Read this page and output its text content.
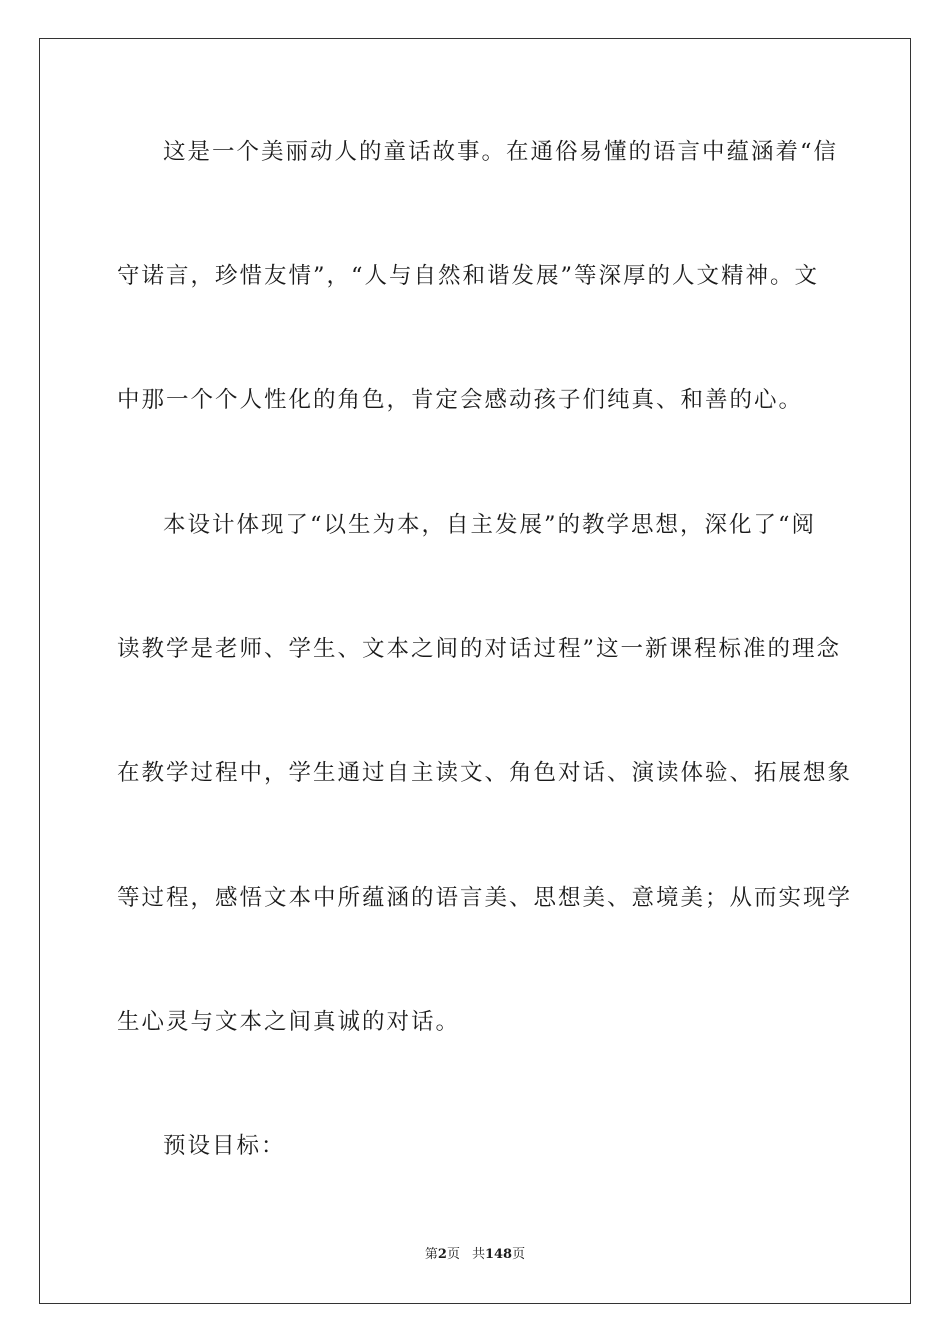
这是一个美丽动人的童话故事。在通俗易懂的语言中蕴涵着“信
守诺言，珍惜友情”，“人与自然和谐发展”等深厚的人文精神。文
中那一个个人性化的角色，肯定会感动孩子们纯真、和善的心。
本设计体现了“以生为本，自主发展”的教学思想，深化了“阅
读教学是老师、学生、文本之间的对话过程”这一新课程标准的理念
在教学过程中，学生通过自主读文、角色对话、演读体验、拓展想象
等过程，感悟文本中所蕴涵的语言美、思想美、意境美；从而实现学
生心灵与文本之间真诚的对话。
预设目标：
第2页 共148页
